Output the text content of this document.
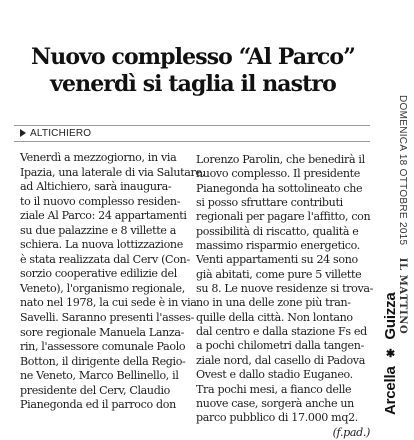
Nuovo complesso “Al Parco”
venerdì si taglia il nastro
ALTICHIERO
Venerdì a mezzogiorno, in via
Ipazia, una laterale di via Salutare,
ad Altichiero, sarà inaugura-
to il nuovo complesso residen-
ziale Al Parco: 24 appartamenti
su due palazzine e 8 villette a
schiera. La nuova lottizzazione
è stata realizzata dal Cerv (Con-
sorzio cooperative edilizie del
Veneto), l'organismo regionale,
nato nel 1978, la cui sede è in via
Savelli. Saranno presenti l'asses-
sore regionale Manuela Lanza-
rin, l'assessore comunale Paolo
Botton, il dirigente della Regio-
ne Veneto, Marco Bellinello, il
presidente del Cerv, Claudio
Pianegonda ed il parroco don
Lorenzo Parolin, che benedirà il
nuovo complesso. Il presidente
Pianegonda ha sottolineato che
si posso sfruttare contributi
regionali per pagare l'affitto, con
possibilità di riscatto, qualità e
massimo risparmio energetico.
Venti appartamenti su 24 sono
già abitati, come pure 5 villette
su 8. Le nuove residenze si trova-
no in una delle zone più tran-
quille della città. Non lontano
dal centro e dalla stazione Fs ed
a pochi chilometri dalla tangen-
ziale nord, dal casello di Padova
Ovest e dallo stadio Euganeo.
Tra pochi mesi, a fianco delle
nuove case, sorgerà anche un
parco pubblico di 17.000 mq2.
(f.pad.)
DOMENICA 18 OTTOBRE 2015    IL MATTINO
Arcella ✱ Guizza
